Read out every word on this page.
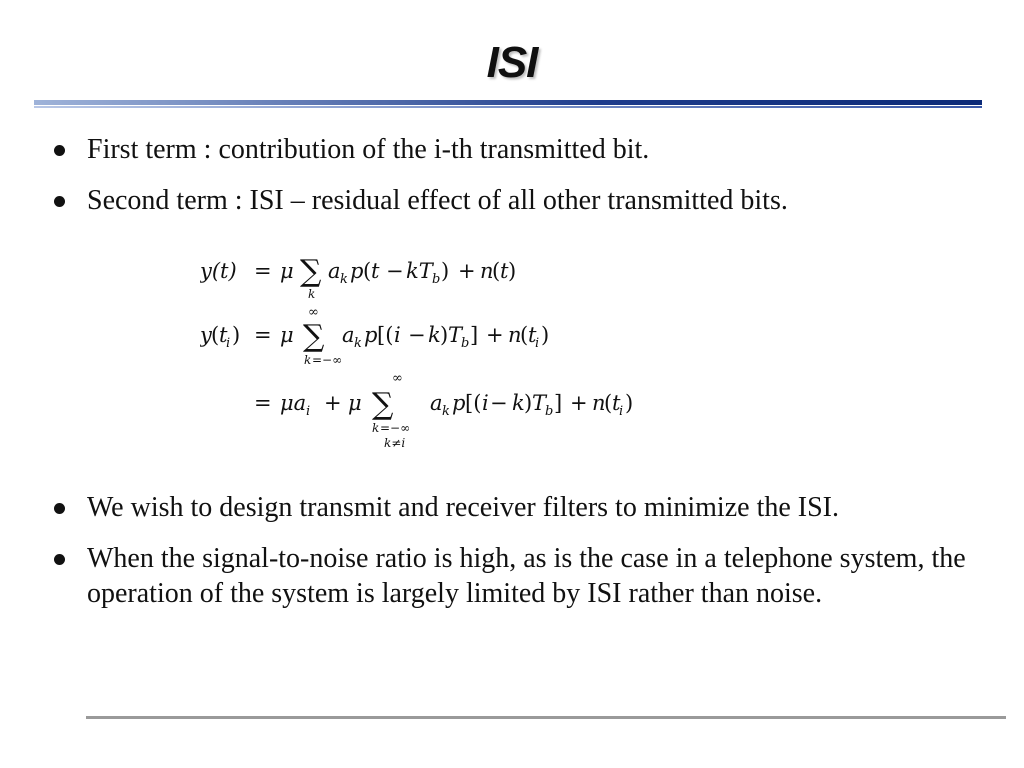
ISI
First term : contribution of the i-th transmitted bit.
Second term : ISI – residual effect of all other transmitted bits.
y(t) = μ ∑
k
a k p ( t − kT b ) + n
( t )
∞
y ( t
i ) = μ ∑
k =−∞
a k p [( i − k ) T
b ] + n
( t
i )
∞
= μa i + μ ∑
k =−∞
k≠i
a k p [( i − k ) T
b ] + n
( t
i )
We wish to design transmit and receiver filters to minimize the ISI.
When the signal-to-noise ratio is high, as is the case in a telephone system, the operation of the system is largely limited by ISI rather than noise.
